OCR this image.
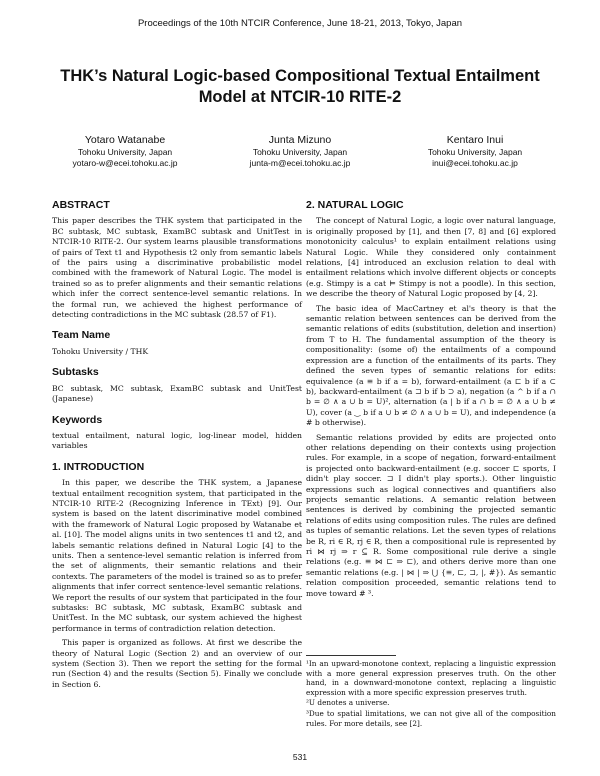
Proceedings of the 10th NTCIR Conference, June 18-21, 2013, Tokyo, Japan
THK’s Natural Logic-based Compositional Textual Entailment Model at NTCIR-10 RITE-2
Yotaro Watanabe
Tohoku University, Japan
yotaro-w@ecei.tohoku.ac.jp
Junta Mizuno
Tohoku University, Japan
junta-m@ecei.tohoku.ac.jp
Kentaro Inui
Tohoku University, Japan
inui@ecei.tohoku.ac.jp
ABSTRACT

This paper describes the THK system that participated in the BC subtask, MC subtask, ExamBC subtask and UnitTest in NTCIR-10 RITE-2. Our system learns plausible transformations of pairs of Text t1 and Hypothesis t2 only from semantic labels of the pairs using a discriminative probabilistic model combined with the framework of Natural Logic. The model is trained so as to prefer alignments and their semantic relations which infer the correct sentence-level semantic relations. In the formal run, we achieved the highest performance of detecting contradictions in the MC subtask (28.57 of F1).

Team Name

Tohoku University / THK

Subtasks

BC subtask, MC subtask, ExamBC subtask and UnitTest (Japanese)

Keywords

textual entailment, natural logic, log-linear model, hidden variables

1. INTRODUCTION

In this paper, we describe the THK system, a Japanese textual entailment recognition system, that participated in the NTCIR-10 RITE-2 (Recognizing Inference in TExt) [9]. Our system is based on the latent discriminative model combined with the framework of Natural Logic proposed by Watanabe et al. [10]. The model aligns units in two sentences t1 and t2, and labels semantic relations defined in Natural Logic [4] to the units. Then a sentence-level semantic relation is inferred from the set of alignments, their semantic relations and their contexts. The parameters of the model is trained so as to prefer alignments that infer correct sentence-level semantic relations. We report the results of our system that participated in the four subtasks: BC subtask, MC subtask, ExamBC subtask and UnitTest. In the MC subtask, our system achieved the highest performance in terms of contradiction relation detection.

This paper is organized as follows. At first we describe the theory of Natural Logic (Section 2) and an overview of our system (Section 3). Then we report the setting for the formal run (Section 4) and the results (Section 5). Finally we conclude in Section 6.

2. NATURAL LOGIC

The concept of Natural Logic, a logic over natural language, is originally proposed by [1], and then [7, 8] and [6] explored monotonicity calculus¹ to explain entailment relations using Natural Logic. While they considered only containment relations, [4] introduced an exclusion relation to deal with entailment relations which involve different objects or concepts (e.g. Stimpy is a cat ⊨ Stimpy is not a poodle). In this section, we describe the theory of Natural Logic proposed by [4, 2].

The basic idea of MacCartney et al's theory is that the semantic relation between sentences can be derived from the semantic relations of edits (substitution, deletion and insertion) from T to H. The fundamental assumption of the theory is compositionality: (some of) the entailments of a compound expression are a function of the entailments of its parts. They defined the seven types of semantic relations for edits: equivalence (a ≡ b if a = b), forward-entailment (a ⊏ b if a ⊂ b), backward-entailment (a ⊐ b if b ⊃ a), negation (a ^ b if a ∩ b = ∅ ∧ a ∪ b = U)², alternation (a | b if a ∩ b = ∅ ∧ a ∪ b ≠ U), cover (a ‿ b if a ∪ b ≠ ∅ ∧ a ∪ b = U), and independence (a # b otherwise).

Semantic relations provided by edits are projected onto other relations depending on their contexts using projection rules. For example, in a scope of negation, forward-entailment is projected onto backward-entailment (e.g. soccer ⊏ sports, I didn't play soccer. ⊐ I didn't play sports.). Other linguistic expressions such as logical connectives and quantifiers also projects semantic relations. A semantic relation between sentences is derived by combining the projected semantic relations of edits using composition rules. The rules are defined as tuples of semantic relations. Let the seven types of relations be R, ri ∈ R, rj ∈ R, then a compositional rule is represented by ri ⋈ rj ⇒ r ⊆ R. Some compositional rule derive a single relations (e.g. ≡ ⋈ ⊏ ⇒ ⊏), and others derive more than one semantic relations (e.g. | ⋈ | ⇒ ⋃ {≡, ⊏, ⊐, |, #}). As semantic relation composition proceeded, semantic relations tend to move toward # ³.

¹In an upward-monotone context, replacing a linguistic expression with a more general expression preserves truth. On the other hand, in a downward-monotone context, replacing a linguistic expression with a more specific expression preserves truth.

²U denotes a universe.

³Due to spatial limitations, we can not give all of the composition rules. For more details, see [2].

531
